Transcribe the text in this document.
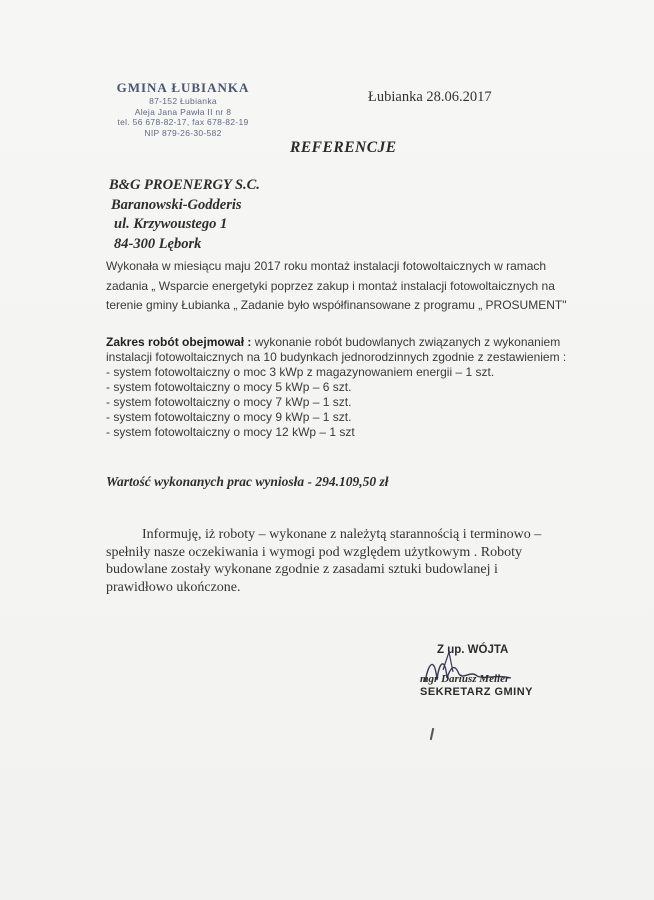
GMINA ŁUBIANKA
87-152 Łubianka
Aleja Jana Pawła II nr 8
tel. 56 678-82-17, fax 678-82-19
NIP 879-26-30-582
Łubianka 28.06.2017
REFERENCJE
B&G PROENERGY S.C.
Baranowski-Godderis
ul. Krzywoustego 1
84-300 Lębork
Wykonała w miesiącu maju 2017 roku montaż instalacji fotowoltaicznych w ramach
zadania „ Wsparcie energetyki poprzez zakup i montaż instalacji fotowoltaicznych na
terenie gminy Łubianka „ Zadanie było współfinansowane z programu „ PROSUMENT"
Zakres robót obejmował : wykonanie robót budowlanych związanych z wykonaniem
instalacji fotowoltaicznych na 10 budynkach jednorodzinnych zgodnie z zestawieniem :
- system fotowoltaiczny o moc 3 kWp z magazynowaniem energii – 1 szt.
- system fotowoltaiczny o mocy 5 kWp – 6 szt.
- system fotowoltaiczny o mocy 7 kWp – 1 szt.
- system fotowoltaiczny o mocy 9 kWp – 1 szt.
- system fotowoltaiczny o mocy 12 kWp – 1 szt
Wartość wykonanych prac wyniosła - 294.109,50 zł
Informuję, iż roboty – wykonane z należytą starannością i terminowo –
spełniły nasze oczekiwania i wymogi pod względem użytkowym . Roboty
budowlane zostały wykonane zgodnie z zasadami sztuki budowlanej i
prawidłowo ukończone.
Z up. WÓJTA
mgr Dariusz Meller
SEKRETARZ GMINY
